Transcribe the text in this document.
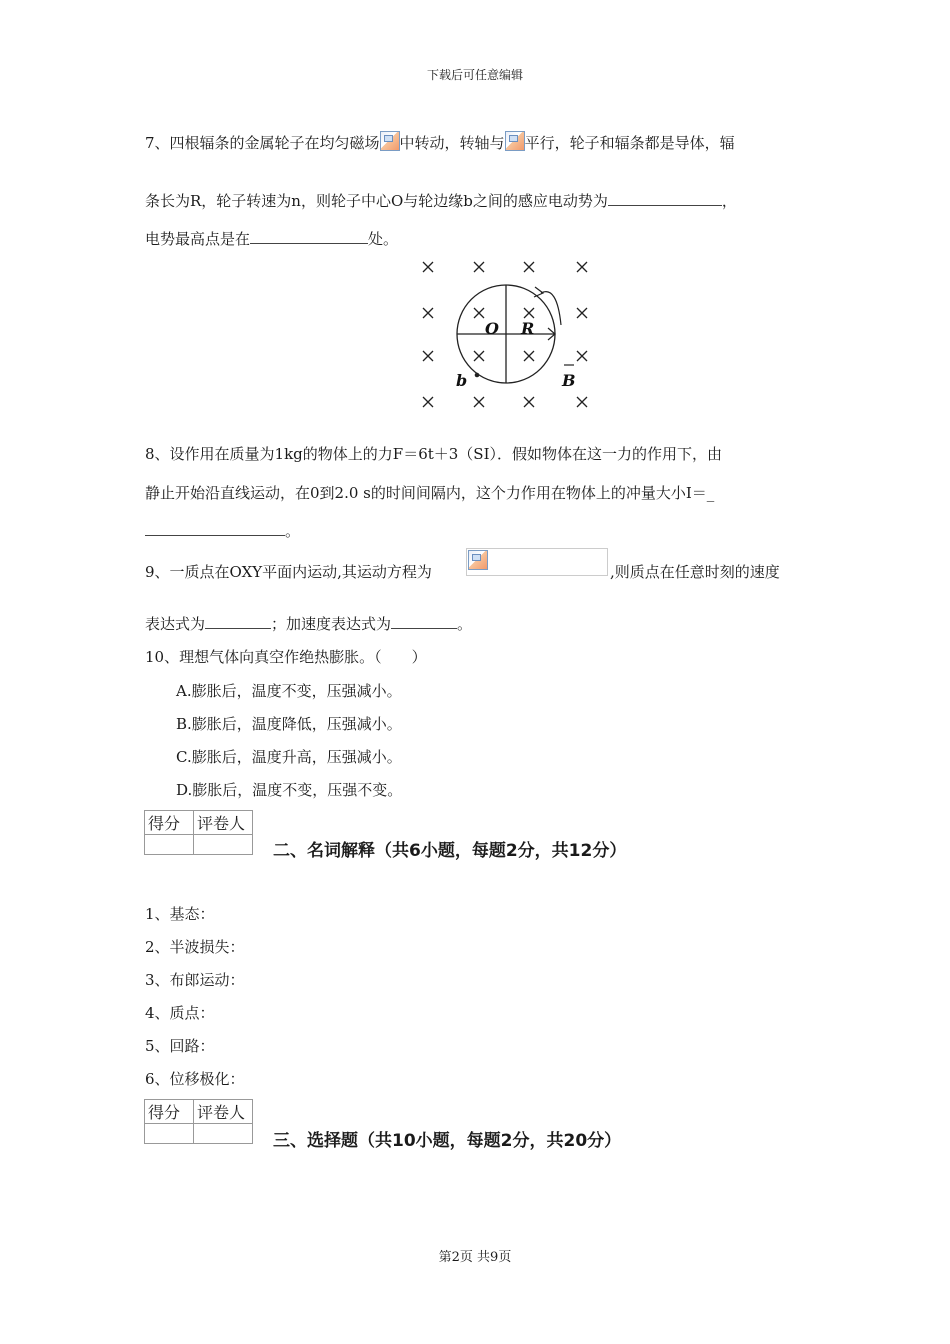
下载后可任意编辑
7、四根辐条的金属轮子在均匀磁场 中转动，转轴与 平行，轮子和辐条都是导体，辐
条长为R，轮子转速为n，则轮子中心O与轮边缘b之间的感应电动势为	，
电势最高点是在	处。
O R
b	B
8、设作用在质量为1kg的物体上的力F＝6t＋3（SI）．假如物体在这一力的作用下，由
静止开始沿直线运动，在0到2.0 s的时间间隔内，这个力作用在物体上的冲量大小I＝_
。
9、一质点在OXY平面内运动,其运动方程为	,则质点在任意时刻的速度
表达式为	；加速度表达式为	。
10、理想气体向真空作绝热膨胀。（　　）
A.膨胀后，温度不变，压强减小。
B.膨胀后，温度降低，压强减小。
C.膨胀后，温度升高，压强减小。
D.膨胀后，温度不变，压强不变。
得分	评卷人

二、名词解释（共6小题，每题2分，共12分）
1、基态：
2、半波损失：
3、布郎运动：
4、质点：
5、回路：
6、位移极化：
得分	评卷人

三、选择题（共10小题，每题2分，共20分）
第2页 共9页
